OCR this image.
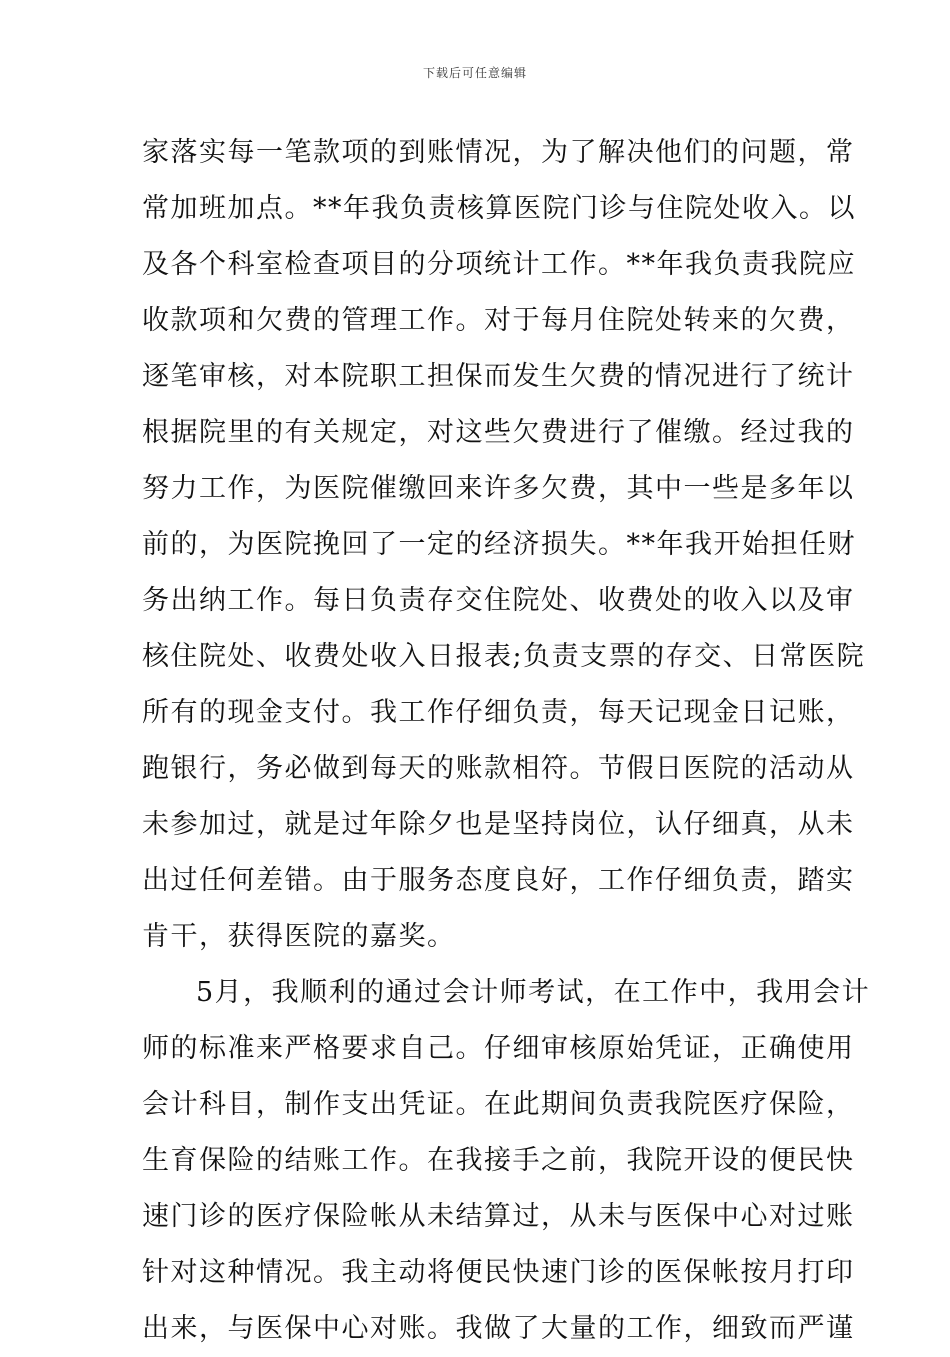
下载后可任意编辑
家落实每一笔款项的到账情况，为了解决他们的问题，常
常加班加点。**年我负责核算医院门诊与住院处收入。以
及各个科室检查项目的分项统计工作。**年我负责我院应
收款项和欠费的管理工作。对于每月住院处转来的欠费，
逐笔审核，对本院职工担保而发生欠费的情况进行了统计
根据院里的有关规定，对这些欠费进行了催缴。经过我的
努力工作，为医院催缴回来许多欠费，其中一些是多年以
前的，为医院挽回了一定的经济损失。**年我开始担任财
务出纳工作。每日负责存交住院处、收费处的收入以及审
核住院处、收费处收入日报表;负责支票的存交、日常医院
所有的现金支付。我工作仔细负责，每天记现金日记账，
跑银行，务必做到每天的账款相符。节假日医院的活动从
未参加过，就是过年除夕也是坚持岗位，认仔细真，从未
出过任何差错。由于服务态度良好，工作仔细负责，踏实
肯干，获得医院的嘉奖。
5月，我顺利的通过会计师考试，在工作中，我用会计
师的标准来严格要求自己。仔细审核原始凭证，正确使用
会计科目，制作支出凭证。在此期间负责我院医疗保险，
生育保险的结账工作。在我接手之前，我院开设的便民快
速门诊的医疗保险帐从未结算过，从未与医保中心对过账
针对这种情况。我主动将便民快速门诊的医保帐按月打印
出来，与医保中心对账。我做了大量的工作，细致而严谨
